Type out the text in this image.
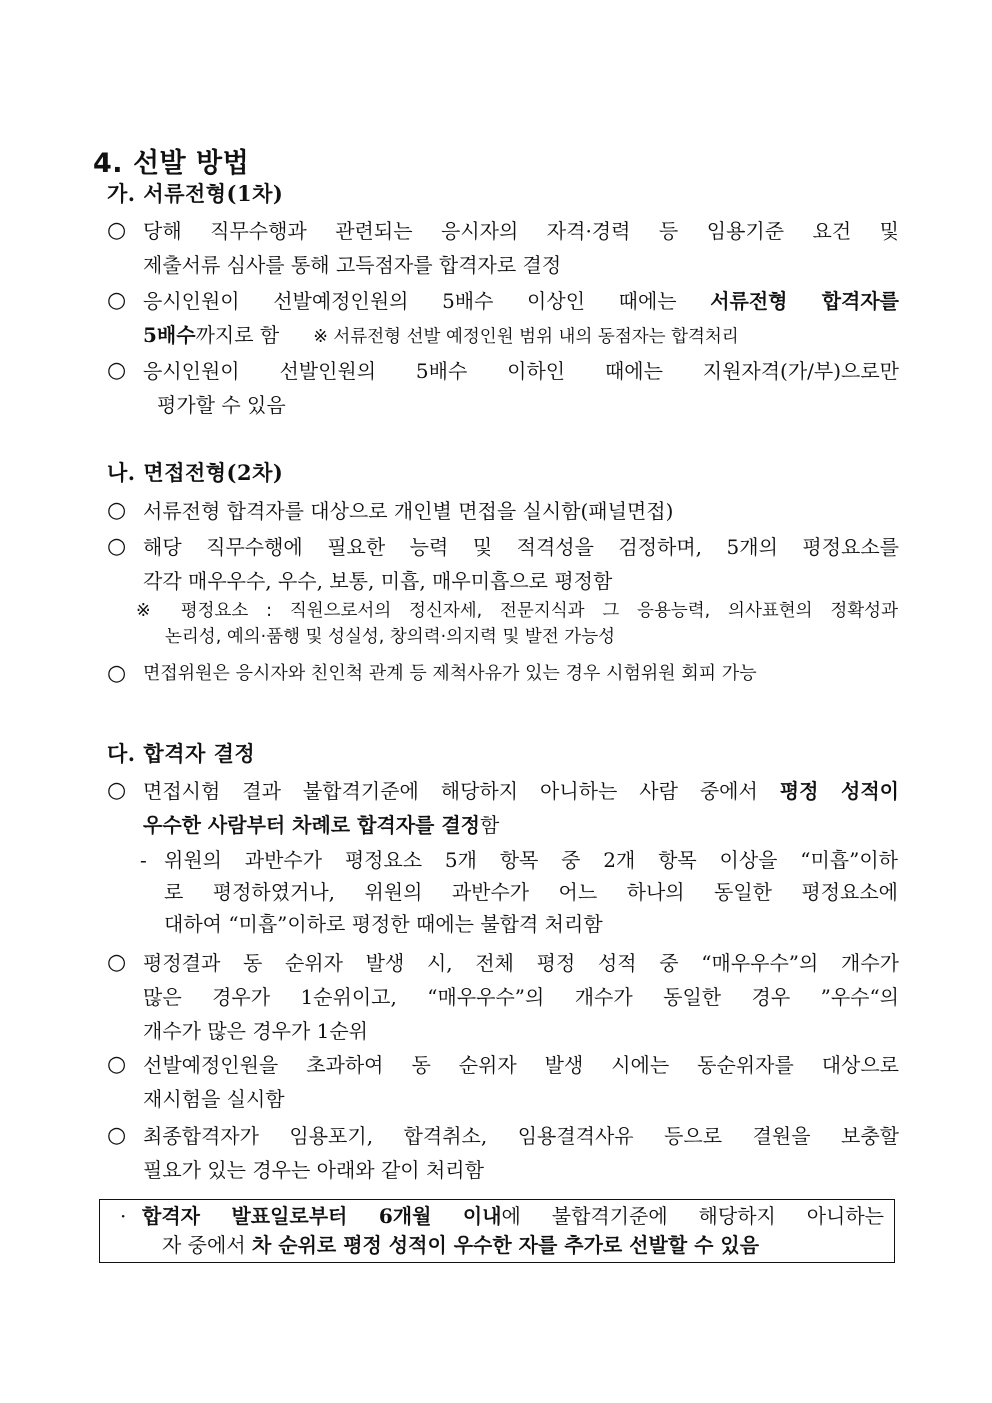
4. 선발 방법
가. 서류전형(1차)
○ 당해 직무수행과 관련되는 응시자의 자격·경력 등 임용기준 요건 및
제출서류 심사를 통해 고득점자를 합격자로 결정
○ 응시인원이 선발예정인원의 5배수 이상인 때에는 서류전형 합격자를
5배수까지로 함 ※ 서류전형 선발 예정인원 범위 내의 동점자는 합격처리
○ 응시인원이 선발인원의 5배수 이하인 때에는 지원자격(가/부)으로만
평가할 수 있음
나. 면접전형(2차)
○ 서류전형 합격자를 대상으로 개인별 면접을 실시함(패널면접)
○ 해당 직무수행에 필요한 능력 및 적격성을 검정하며, 5개의 평정요소를
각각 매우우수, 우수, 보통, 미흡, 매우미흡으로 평정함
※ 평정요소 : 직원으로서의 정신자세, 전문지식과 그 응용능력, 의사표현의 정확성과
논리성, 예의·품행 및 성실성, 창의력·의지력 및 발전 가능성
○ 면접위원은 응시자와 친인척 관계 등 제척사유가 있는 경우 시험위원 회피 가능
다. 합격자 결정
○ 면접시험 결과 불합격기준에 해당하지 아니하는 사람 중에서 평정 성적이
우수한 사람부터 차례로 합격자를 결정함
- 위원의 과반수가 평정요소 5개 항목 중 2개 항목 이상을 “미흡”이하
로 평정하였거나, 위원의 과반수가 어느 하나의 동일한 평정요소에
대하여 “미흡”이하로 평정한 때에는 불합격 처리함
○ 평정결과 동 순위자 발생 시, 전체 평정 성적 중 “매우우수”의 개수가
많은 경우가 1순위이고, “매우우수”의 개수가 동일한 경우 ”우수“의
개수가 많은 경우가 1순위
○ 선발예정인원을 초과하여 동 순위자 발생 시에는 동순위자를 대상으로
재시험을 실시함
○ 최종합격자가 임용포기, 합격취소, 임용결격사유 등으로 결원을 보충할
필요가 있는 경우는 아래와 같이 처리함
· 합격자 발표일로부터 6개월 이내에 불합격기준에 해당하지 아니하는
자 중에서 차 순위로 평정 성적이 우수한 자를 추가로 선발할 수 있음
